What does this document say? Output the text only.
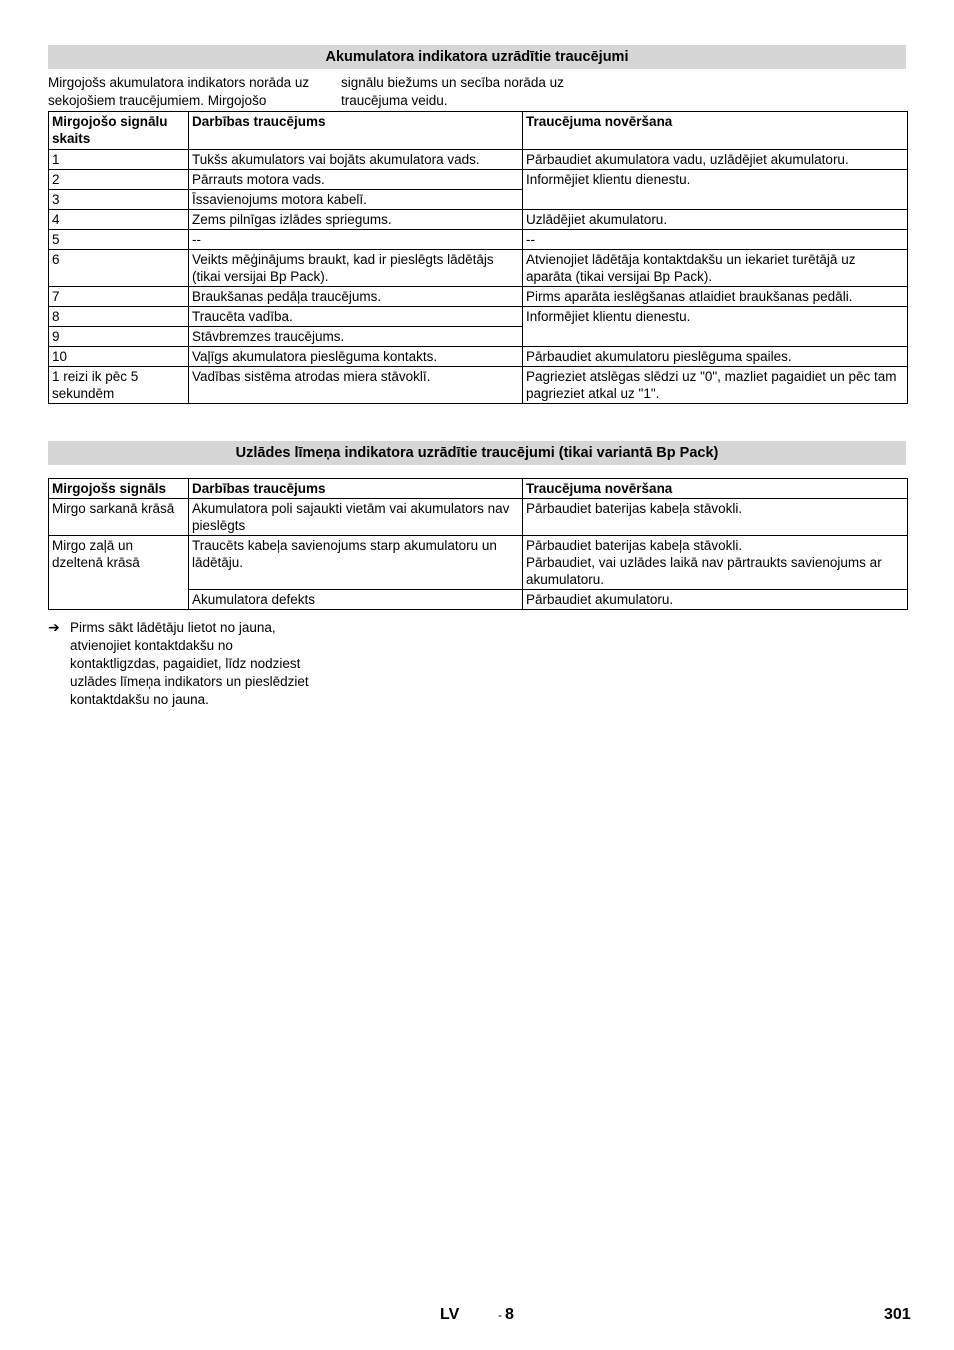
Akumulatora indikatora uzrādītie traucējumi
Mirgojošs akumulatora indikators norāda uz sekojošiem traucējumiem. Mirgojošo
signālu biežums un secība norāda uz traucējuma veidu.
Mirgojošo signālu skaits	Darbības traucējums	Traucējuma novēršana
1	Tukšs akumulators vai bojāts akumulatora vads.	Pārbaudiet akumulatora vadu, uzlādējiet akumulatoru.
2	Pārrauts motora vads.	Informējiet klientu dienestu.
3	Īssavienojums motora kabelī.	
4	Zems pilnīgas izlādes spriegums.	Uzlādējiet akumulatoru.
5	--	--
6	Veikts mēģinājums braukt, kad ir pieslēgts lādētājs (tikai versijai Bp Pack).	Atvienojiet lādētāja kontaktdakšu un iekariet turētājā uz aparāta (tikai versijai Bp Pack).
7	Braukšanas pedāļa traucējums.	Pirms aparāta ieslēgšanas atlaidiet braukšanas pedāli.
8	Traucēta vadība.	Informējiet klientu dienestu.
9	Stāvbremzes traucējums.	
10	Vaļīgs akumulatora pieslēguma kontakts.	Pārbaudiet akumulatoru pieslēguma spailes.
1 reizi ik pēc 5 sekundēm	Vadības sistēma atrodas miera stāvoklī.	Pagrieziet atslēgas slēdzi uz "0", mazliet pagaidiet un pēc tam pagrieziet atkal uz "1".
Uzlādes līmeņa indikatora uzrādītie traucējumi (tikai variantā Bp Pack)
Mirgojošs signāls	Darbības traucējums	Traucējuma novēršana
Mirgo sarkanā krāsā	Akumulatora poli sajaukti vietām vai akumulators nav pieslēgts	Pārbaudiet baterijas kabeļa stāvokli.
Mirgo zaļā un dzeltenā krāsā	Traucēts kabeļa savienojums starp akumulatoru un lādētāju.	Pārbaudiet baterijas kabeļa stāvokli.
Pārbaudiet, vai uzlādes laikā nav pārtraukts savienojums ar akumulatoru.
	Akumulatora defekts	Pārbaudiet akumulatoru.
➔ Pirms sākt lādētāju lietot no jauna, atvienojiet kontaktdakšu no kontaktligzdas, pagaidiet, līdz nodziest uzlādes līmeņa indikators un pieslēdziet kontaktdakšu no jauna.
LV	- 8	301
